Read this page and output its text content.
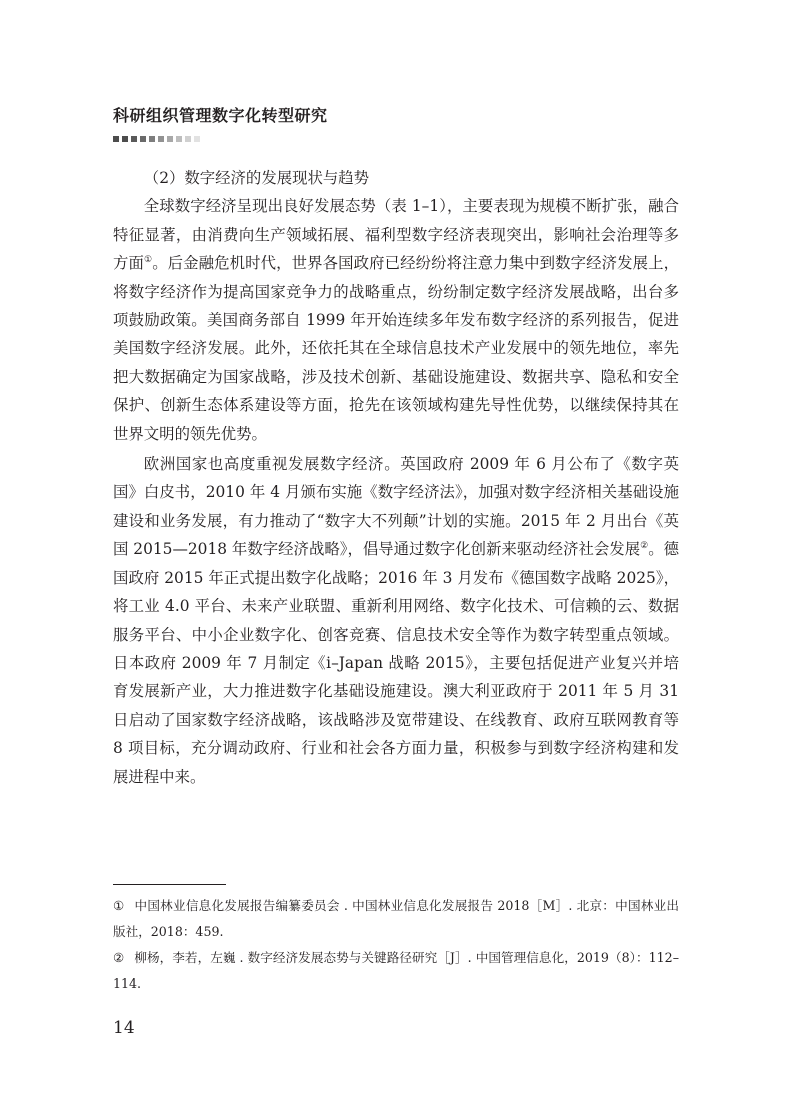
科研组织管理数字化转型研究

（2）数字经济的发展现状与趋势

全球数字经济呈现出良好发展态势（表 1–1），主要表现为规模不断扩张，融合特征显著，由消费向生产领域拓展、福利型数字经济表现突出，影响社会治理等多方面①。后金融危机时代，世界各国政府已经纷纷将注意力集中到数字经济发展上，将数字经济作为提高国家竞争力的战略重点，纷纷制定数字经济发展战略，出台多项鼓励政策。美国商务部自 1999 年开始连续多年发布数字经济的系列报告，促进美国数字经济发展。此外，还依托其在全球信息技术产业发展中的领先地位，率先把大数据确定为国家战略，涉及技术创新、基础设施建设、数据共享、隐私和安全保护、创新生态体系建设等方面，抢先在该领域构建先导性优势，以继续保持其在世界文明的领先优势。

欧洲国家也高度重视发展数字经济。英国政府 2009 年 6 月公布了《数字英国》白皮书，2010 年 4 月颁布实施《数字经济法》，加强对数字经济相关基础设施建设和业务发展，有力推动了“数字大不列颠”计划的实施。2015 年 2 月出台《英国 2015—2018 年数字经济战略》，倡导通过数字化创新来驱动经济社会发展②。德国政府 2015 年正式提出数字化战略；2016 年 3 月发布《德国数字战略 2025》，将工业 4.0 平台、未来产业联盟、重新利用网络、数字化技术、可信赖的云、数据服务平台、中小企业数字化、创客竞赛、信息技术安全等作为数字转型重点领域。日本政府 2009 年 7 月制定《i–Japan 战略 2015》，主要包括促进产业复兴并培育发展新产业，大力推进数字化基础设施建设。澳大利亚政府于 2011 年 5 月 31 日启动了国家数字经济战略，该战略涉及宽带建设、在线教育、政府互联网教育等 8 项目标，充分调动政府、行业和社会各方面力量，积极参与到数字经济构建和发展进程中来。

① 中国林业信息化发展报告编纂委员会 . 中国林业信息化发展报告 2018［M］. 北京：中国林业出版社，2018：459.

② 柳杨，李若，左巍 . 数字经济发展态势与关键路径研究［J］. 中国管理信息化，2019（8）：112–114.

14
